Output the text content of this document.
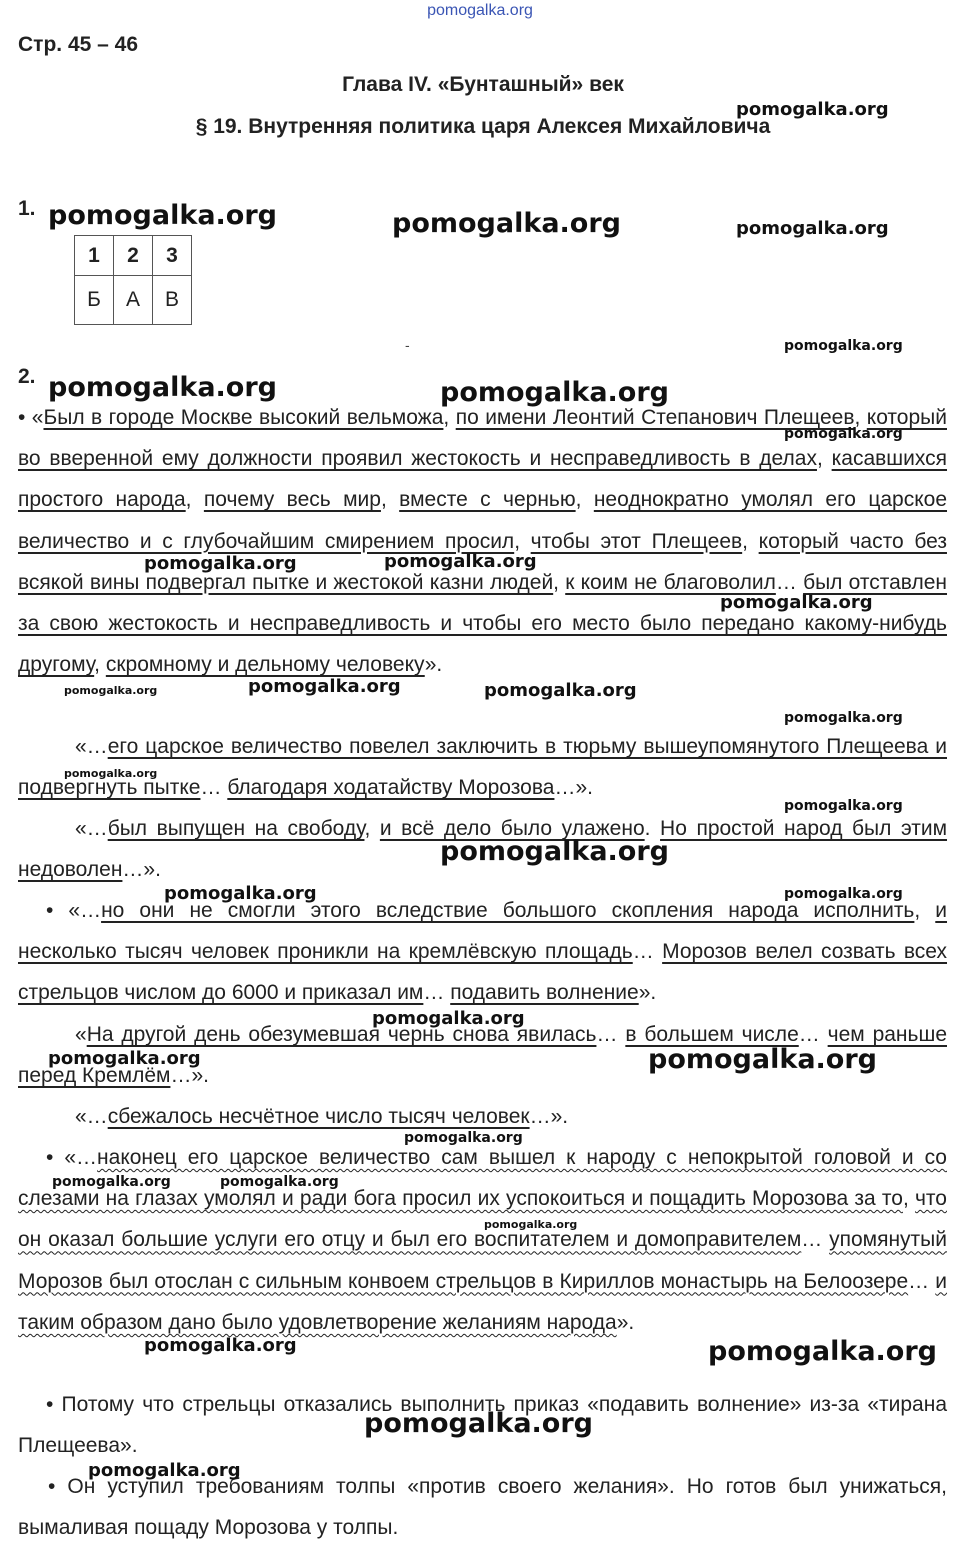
pomogalka.org
Стр. 45 – 46
Глава IV. «Бунташный» век
§ 19. Внутренняя политика царя Алексея Михайловича
1.
1	2	3
Б	А	В
-
2.
• «Был в городе Москве высокий вельможа, по имени Леонтий Степанович Плещеев, который во вверенной ему должности проявил жестокость и несправедливость в делах, касавшихся простого народа, почему весь мир, вместе с чернью, неоднократно умолял его царское величество и с глубочайшим смирением просил, чтобы этот Плещеев, который часто без всякой вины подвергал пытке и жестокой казни людей, к коим не благоволил… был отставлен за свою жестокость и несправедливость и чтобы его место было передано какому-нибудь другому, скромному и дельному человеку».
«…его царское величество повелел заключить в тюрьму вышеупомянутого Плещеева и подвергнуть пытке… благодаря ходатайству Морозова…».
«…был выпущен на свободу, и всё дело было улажено. Но простой народ был этим недоволен…».
• «…но они не смогли этого вследствие большого скопления народа исполнить, и несколько тысяч человек проникли на кремлёвскую площадь… Морозов велел созвать всех стрельцов числом до 6000 и приказал им… подавить волнение».
«На другой день обезумевшая чернь снова явилась… в большем числе… чем раньше перед Кремлём…».
«…сбежалось несчётное число тысяч человек…».
• «…наконец его царское величество сам вышел к народу с непокрытой головой и со слезами на глазах умолял и ради бога просил их успокоиться и пощадить Морозова за то, что он оказал большие услуги его отцу и был его воспитателем и домоправителем… упомянутый Морозов был отослан с сильным конвоем стрельцов в Кириллов монастырь на Белоозере… и таким образом дано было удовлетворение желаниям народа».
• Потому что стрельцы отказались выполнить приказ «подавить волнение» из-за «тирана Плещеева».
• Он уступил требованиям толпы «против своего желания». Но готов был унижаться, вымаливая пощаду Морозова у толпы.
pomogalka.org	pomogalka.org	pomogalka.org
pomogalka.org
pomogalka.org
pomogalka.org	pomogalka.org
pomogalka.org
pomogalka.org	pomogalka.org
pomogalka.org
pomogalka.org	pomogalka.org	pomogalka.org
pomogalka.org
pomogalka.org
pomogalka.org
pomogalka.org
pomogalka.org	pomogalka.org
pomogalka.org
pomogalka.org	pomogalka.org
pomogalka.org
pomogalka.org	pomogalka.org
pomogalka.org
pomogalka.org	pomogalka.org
pomogalka.org
pomogalka.org
